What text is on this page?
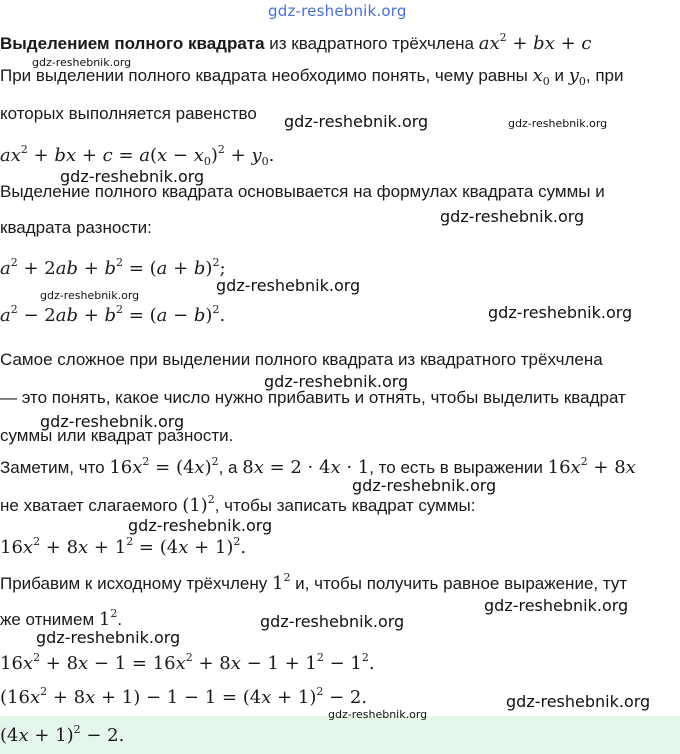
gdz-reshebnik.org
gdz-reshebnik.org
gdz-reshebnik.org	gdz-reshebnik.org
gdz-reshebnik.org
gdz-reshebnik.org
gdz-reshebnik.org
gdz-reshebnik.org
gdz-reshebnik.org
gdz-reshebnik.org
gdz-reshebnik.org
gdz-reshebnik.org
gdz-reshebnik.org
gdz-reshebnik.org
gdz-reshebnik.org
gdz-reshebnik.org
gdz-reshebnik.org
gdz-reshebnik.org
Выделением полного квадрата из квадратного трёхчлена $ax^2$ + bx + c
При выделении полного квадрата необходимо понять, чему равны $x_0$ и $y_0$, при
которых выполняется равенство
$ax^2$ + bx + $c = a(x - x_0)^2 + y_0$.
Выделение полного квадрата основывается на формулах квадрата суммы и
квадрата разности:
$a^2 + 2ab + b^2 = (a + b)^2$;
$a^2 - 2ab + b^2 = (a - b)^2$.
Самое сложное при выделении полного квадрата из квадратного трёхчлена
— это понять, какое число нужно прибавить и отнять, чтобы выделить квадрат
суммы или квадрат разности.
Заметим, что $16x^2 = (4x)^2$, а 8x = 2 · 4x · 1, то есть в выражении $16x^2 + 8x$
не хватает слагаемого $(1)^2$, чтобы записать квадрат суммы:
$16x^2 + 8x + 1^2 = (4x + 1)^2$.
Прибавим к исходному трёхчлену $1^2$ и, чтобы получить равное выражение, тут
же отнимем $1^2$.
$16x^2 + 8x - 1 = 16x^2 + 8x - 1 + 1^2 - 1^2$.
$(16x^2 + 8x + 1) - 1 - 1 = (4x + 1)^2 - 2$.
$(4x + 1)^2 - 2$.
